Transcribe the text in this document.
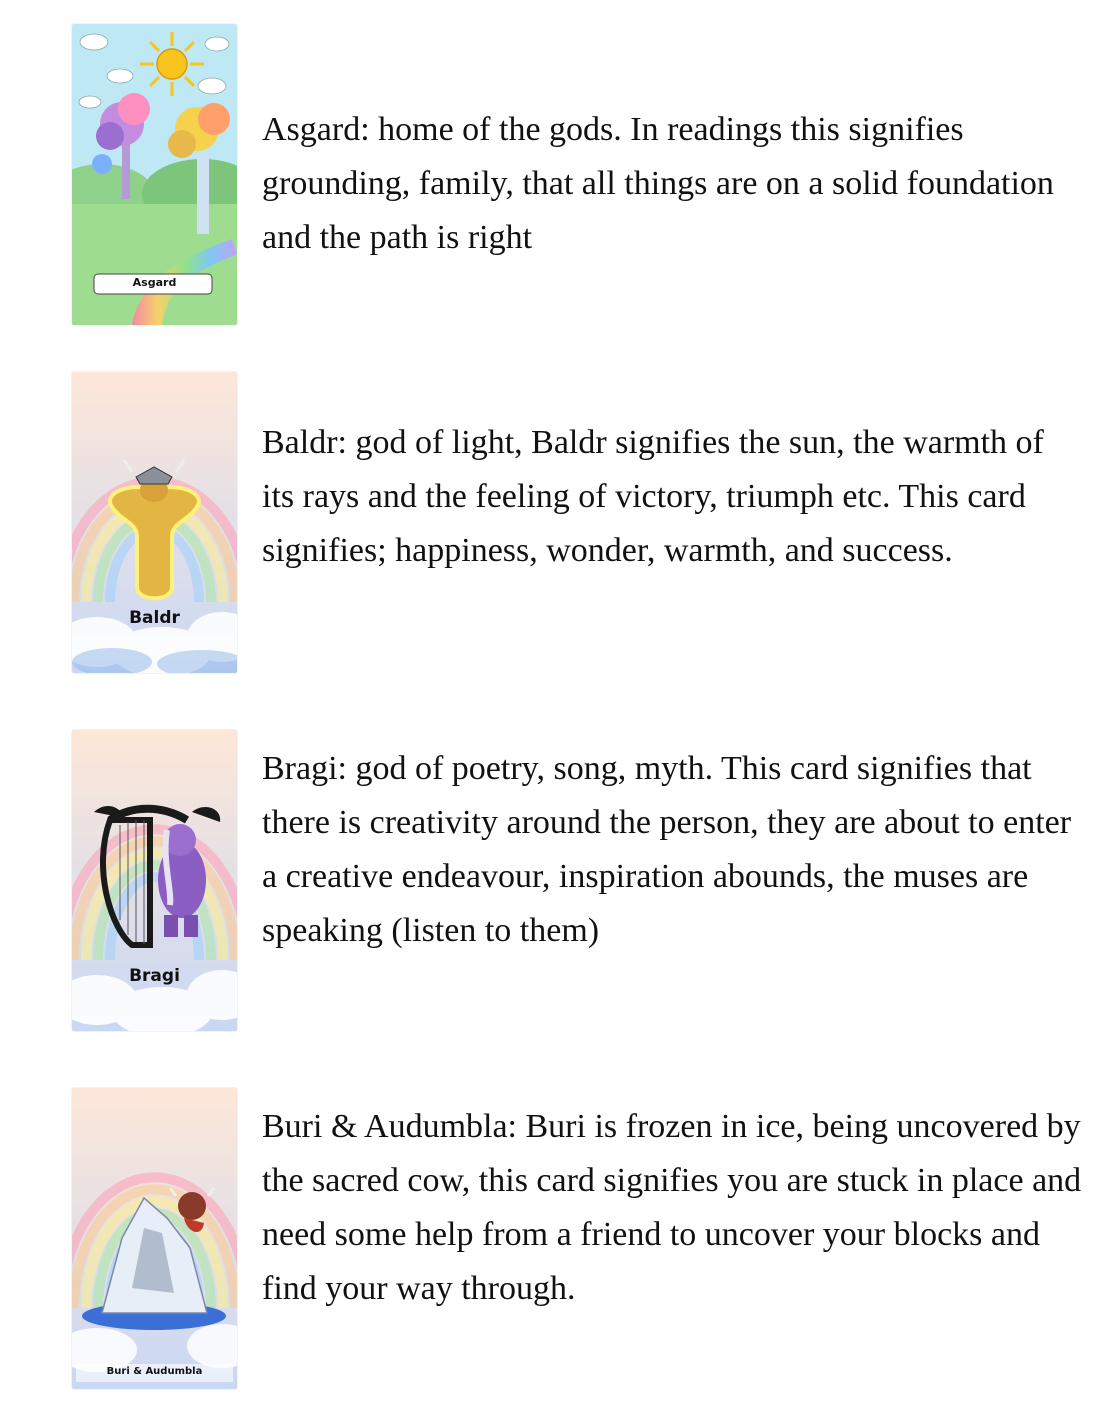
Asgard

Asgard: home of the gods. In readings this signifies grounding, family, that all things are on a solid foundation and the path is right

Baldr

Baldr: god of light, Baldr signifies the sun, the warmth of its rays and the feeling of victory, triumph etc. This card signifies; happiness, wonder, warmth, and success.

Bragi

Bragi: god of poetry, song, myth. This card signifies that there is creativity around the person, they are about to enter a creative endeavour, inspiration abounds, the muses are speaking (listen to them)

Buri & Audumbla

Buri & Audumbla: Buri is frozen in ice, being uncovered by the sacred cow, this card signifies you are stuck in place and need some help from a friend to uncover your blocks and find your way through.
